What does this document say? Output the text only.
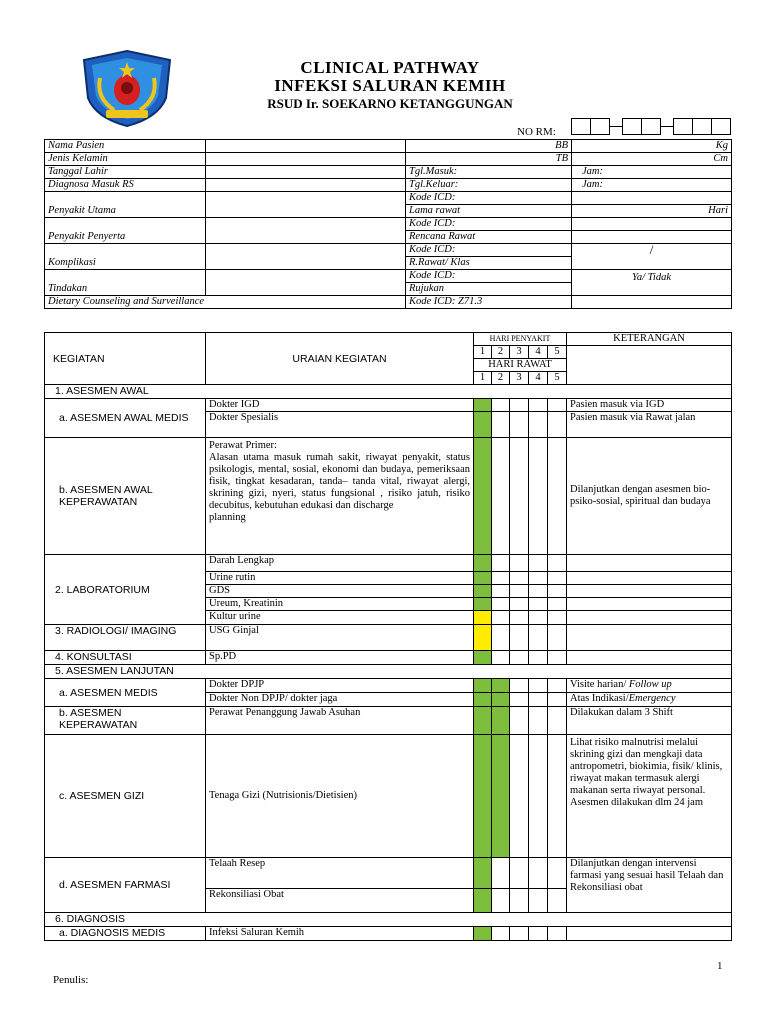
CLINICAL PATHWAY
INFEKSI SALURAN KEMIH
RSUD Ir. SOEKARNO KETANGGUNGAN
NO RM:
Nama Pasien		BB	Kg
Jenis Kelamin		TB	Cm
Tanggal Lahir		Tgl.Masuk:	Jam:
Diagnosa Masuk RS		Tgl.Keluar:	Jam:
Penyakit Utama		Kode ICD:	
		Lama rawat	Hari
Penyakit Penyerta		Kode ICD:	
		Rencana Rawat	
Komplikasi		Kode ICD:	/
		R.Rawat/ Klas	
Tindakan		Kode ICD:	Ya/ Tidak
		Rujukan	
Dietary Counseling and Surveillance		Kode ICD: Z71.3	
KEGIATAN	URAIAN KEGIATAN	HARI PENYAKIT					KETERANGAN
		1	2	3	4	5	
		HARI RAWAT					
		1	2	3	4	5	
1. ASESMEN AWAL							
a. ASESMEN AWAL MEDIS	Dokter IGD						Pasien masuk via IGD
	Dokter Spesialis						Pasien masuk via Rawat jalan
b. ASESMEN AWAL KEPERAWATAN	Perawat Primer:
Alasan utama masuk rumah sakit, riwayat penyakit, status psikologis, mental, sosial, ekonomi dan budaya, pemeriksaan fisik, tingkat kesadaran, tanda– tanda vital, riwayat alergi, skrining gizi, nyeri, status fungsional , risiko jatuh, risiko decubitus, kebutuhan edukasi dan discharge
planning						Dilanjutkan dengan asesmen bio-psiko-sosial, spiritual dan budaya
2. LABORATORIUM	Darah Lengkap						
	Urine rutin						
	GDS						
	Ureum, Kreatinin						
	Kultur urine						
3. RADIOLOGI/ IMAGING	USG Ginjal						
4. KONSULTASI	Sp.PD						
5. ASESMEN LANJUTAN							
a. ASESMEN MEDIS	Dokter DPJP						Visite harian/ Follow up
	Dokter Non DPJP/ dokter jaga						Atas Indikasi/Emergency
b. ASESMEN KEPERAWATAN	Perawat Penanggung Jawab Asuhan						Dilakukan dalam 3 Shift
c. ASESMEN GIZI	Tenaga Gizi (Nutrisionis/Dietisien)						Lihat risiko malnutrisi melalui skrining gizi dan mengkaji data antropometri, biokimia, fisik/ klinis, riwayat makan termasuk alergi makanan serta riwayat personal. Asesmen dilakukan dlm 24 jam
d. ASESMEN FARMASI	Telaah Resep						Dilanjutkan dengan intervensi farmasi yang sesuai hasil Telaah dan Rekonsiliasi obat
	Rekonsiliasi Obat						
6. DIAGNOSIS							
a. DIAGNOSIS MEDIS	Infeksi Saluran Kemih						
1
Penulis:
